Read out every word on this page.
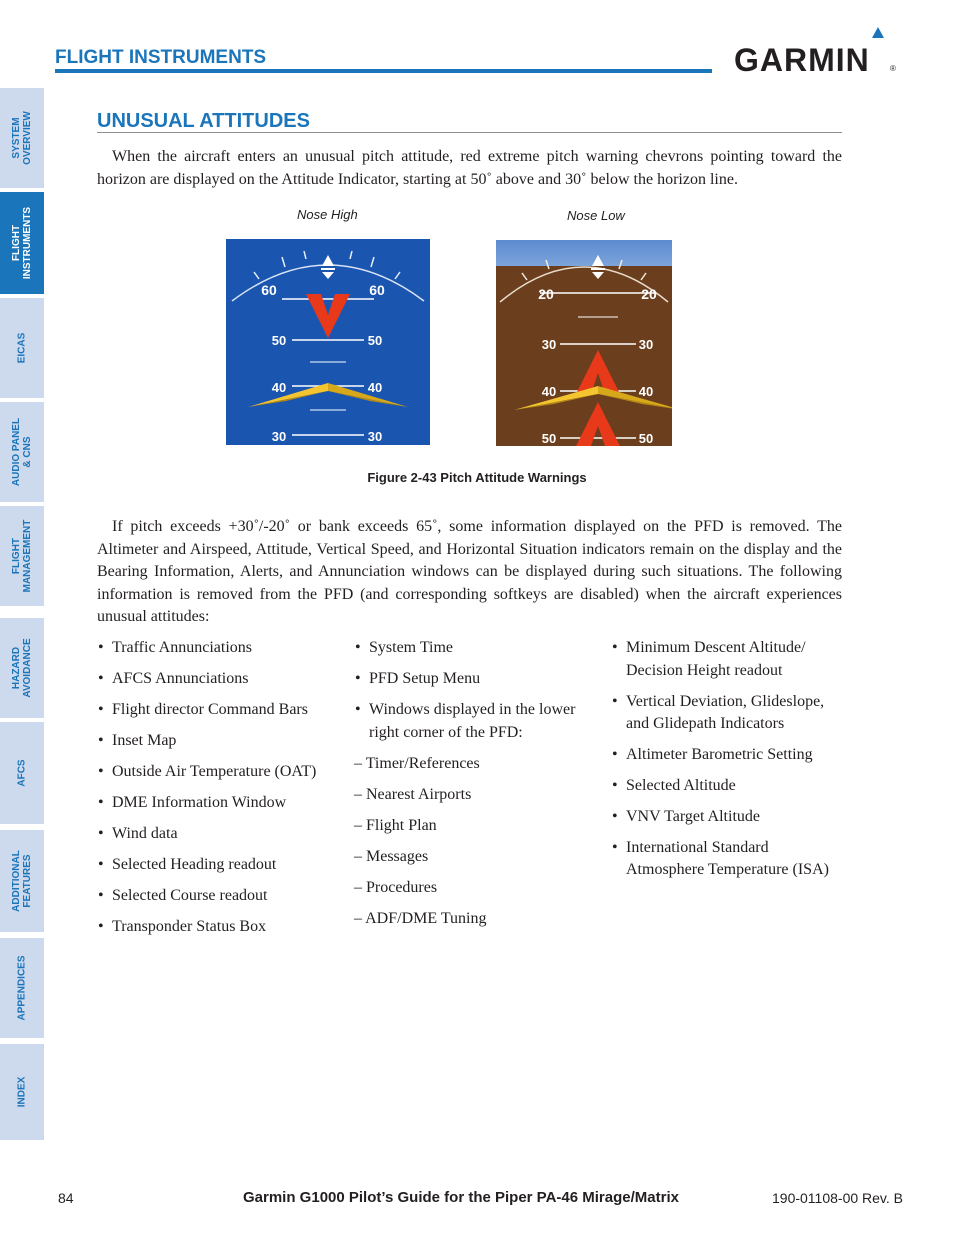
SYSTEM
OVERVIEW
FLIGHT
INSTRUMENTS
EICAS
AUDIO PANEL
& CNS
FLIGHT
MANAGEMENT
HAZARD
AVOIDANCE
AFCS
ADDITIONAL
FEATURES
APPENDICES
INDEX
FLIGHT INSTRUMENTS	GARMIN	®
UNUSUAL ATTITUDES
When the aircraft enters an unusual pitch attitude, red extreme pitch warning chevrons pointing toward the horizon are displayed on the Attitude Indicator, starting at 50˚ above and 30˚ below the horizon line.
Nose High	Nose Low
60	60
50	50
40	40
30	30
20	20
30	30
40	40
50	50
Figure 2-43 Pitch Attitude Warnings
If pitch exceeds +30˚/-20˚ or bank exceeds 65˚, some information displayed on the PFD is removed. The Altimeter and Airspeed, Attitude, Vertical Speed, and Horizontal Situation indicators remain on the display and the Bearing Information, Alerts, and Annunciation windows can be displayed during such situations. The following information is removed from the PFD (and corresponding softkeys are disabled) when the aircraft experiences unusual attitudes:
• Traffic Annunciations
• AFCS Annunciations
• Flight director Command Bars
• Inset Map
• Outside Air Temperature (OAT)
• DME Information Window
• Wind data
• Selected Heading readout
• Selected Course readout
• Transponder Status Box
• System Time
• PFD Setup Menu
• Windows displayed in the lower right corner of the PFD:
– Timer/References
– Nearest Airports
– Flight Plan
– Messages
– Procedures
– ADF/DME Tuning
• Minimum Descent Altitude/ Decision Height readout
• Vertical Deviation, Glideslope, and Glidepath Indicators
• Altimeter Barometric Setting
• Selected Altitude
• VNV Target Altitude
• International Standard Atmosphere Temperature (ISA)
84	Garmin G1000 Pilot’s Guide for the Piper PA-46 Mirage/Matrix	190-01108-00 Rev. B
